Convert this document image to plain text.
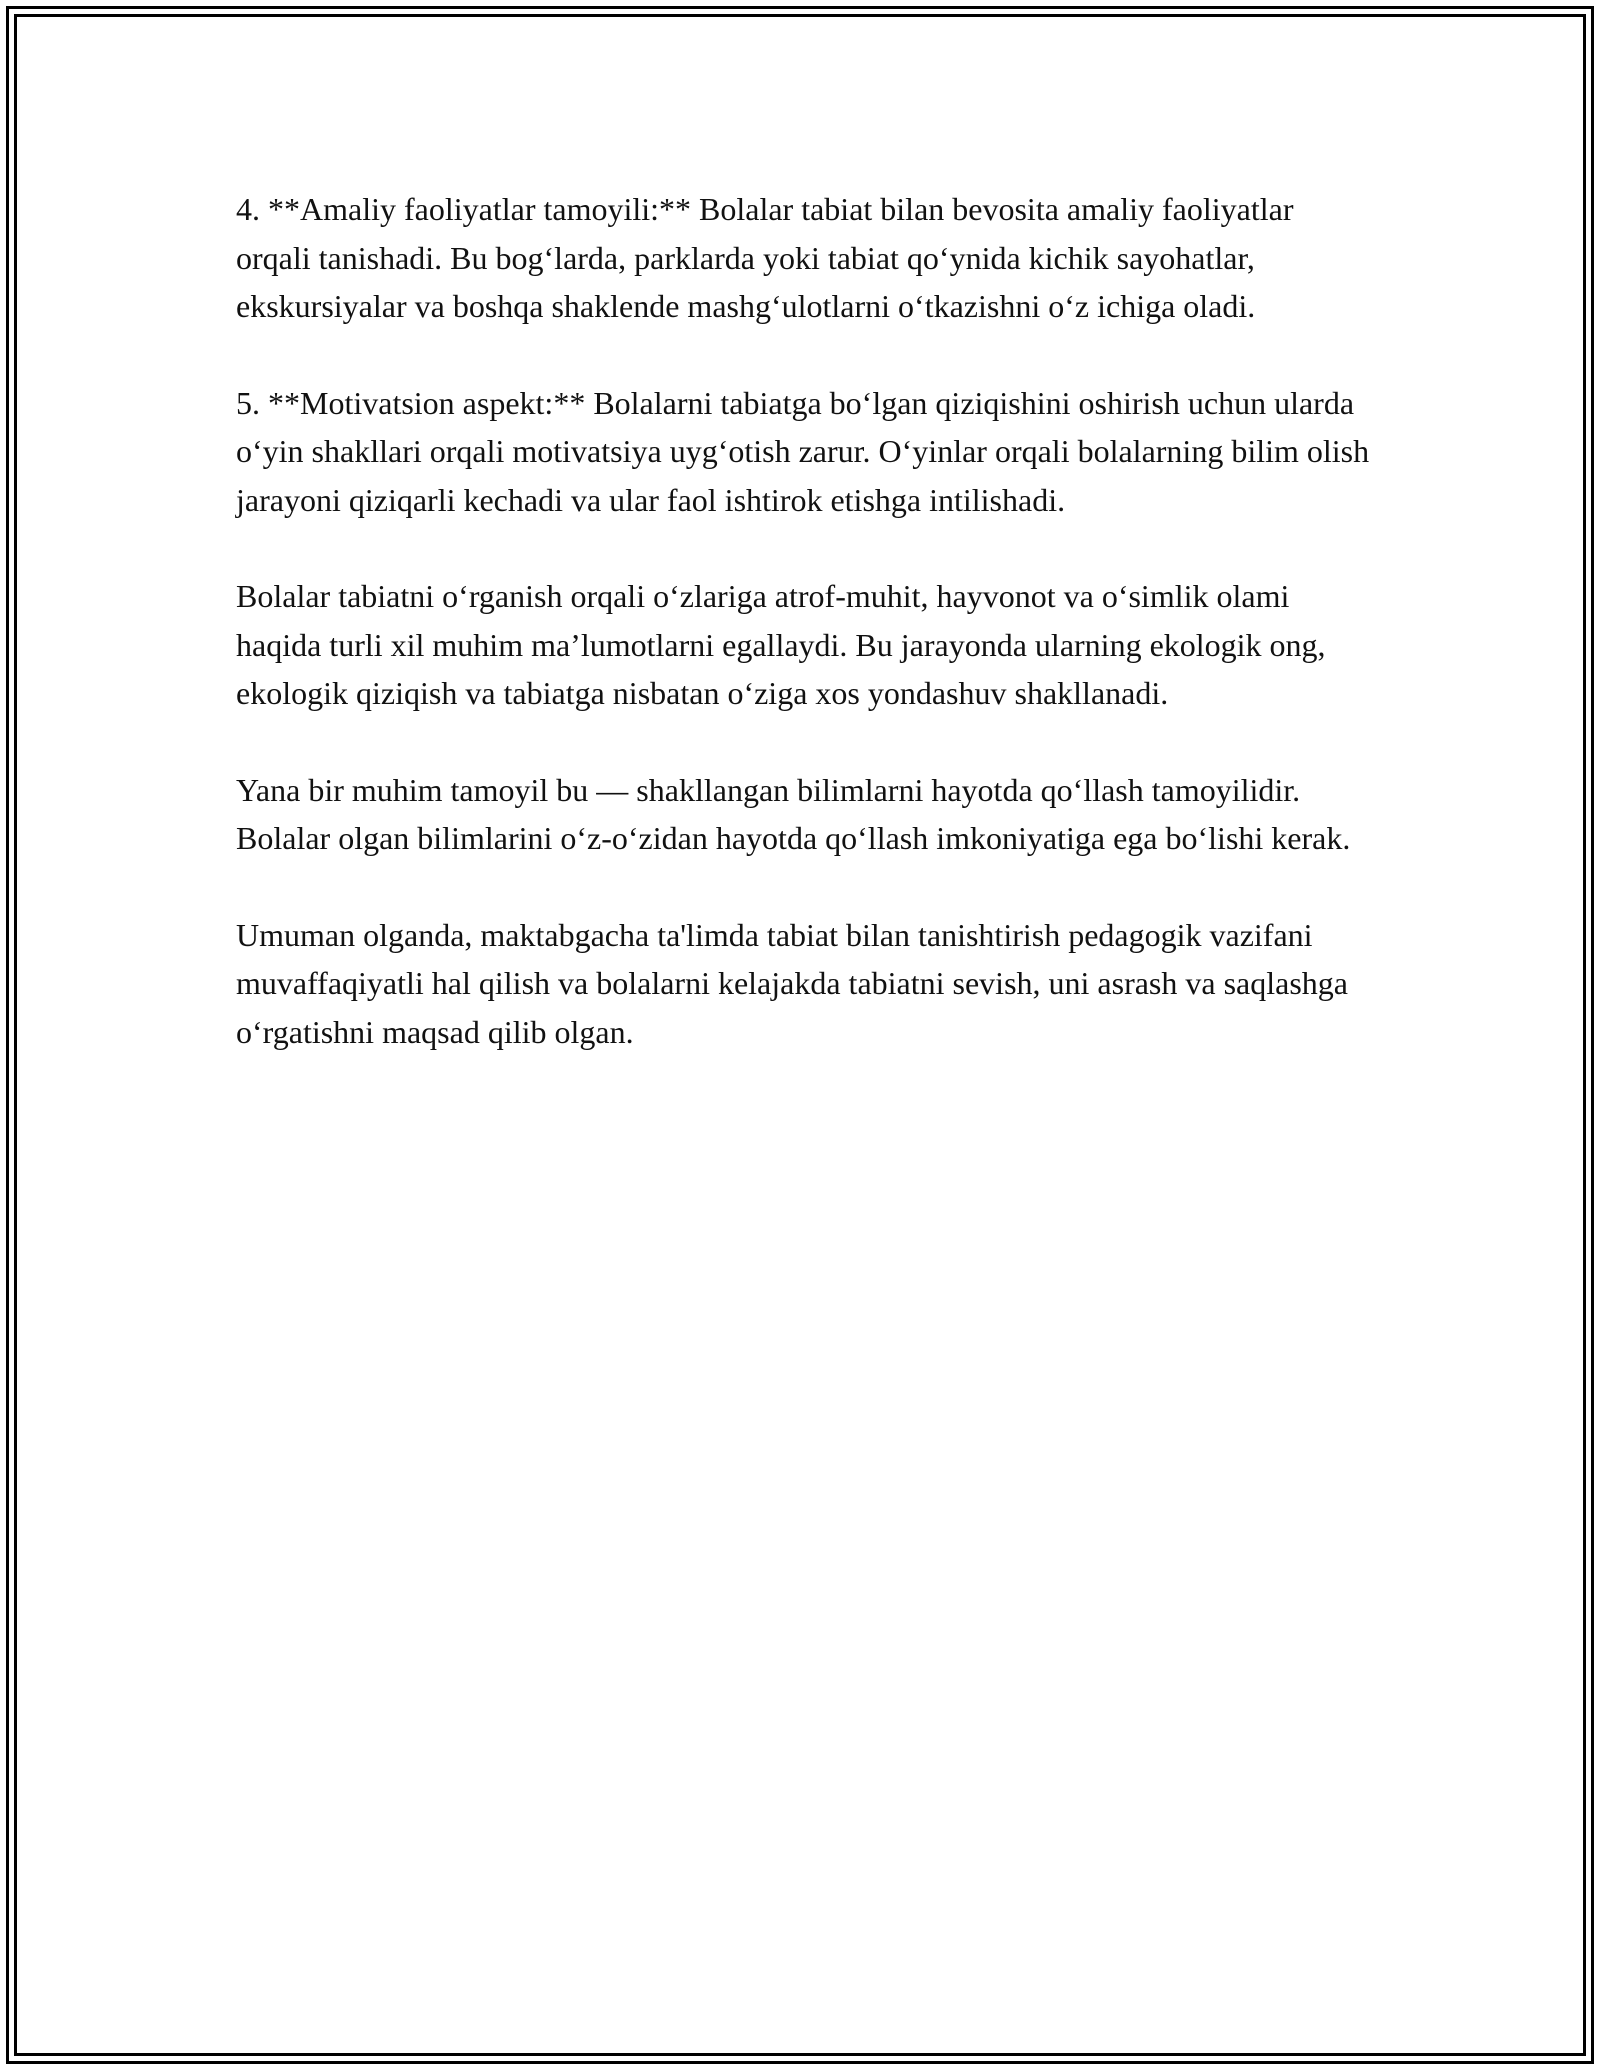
4. **Amaliy faoliyatlar tamoyili:** Bolalar tabiat bilan bevosita amaliy faoliyatlar orqali tanishadi. Bu bog‘larda, parklarda yoki tabiat qo‘ynida kichik sayohatlar, ekskursiyalar va boshqa shaklende mashg‘ulotlarni o‘tkazishni o‘z ichiga oladi.

5. **Motivatsion aspekt:** Bolalarni tabiatga bo‘lgan qiziqishini oshirish uchun ularda o‘yin shakllari orqali motivatsiya uyg‘otish zarur. O‘yinlar orqali bolalarning bilim olish jarayoni qiziqarli kechadi va ular faol ishtirok etishga intilishadi.

Bolalar tabiatni o‘rganish orqali o‘zlariga atrof-muhit, hayvonot va o‘simlik olami haqida turli xil muhim ma’lumotlarni egallaydi. Bu jarayonda ularning ekologik ong, ekologik qiziqish va tabiatga nisbatan o‘ziga xos yondashuv shakllanadi.

Yana bir muhim tamoyil bu — shakllangan bilimlarni hayotda qo‘llash tamoyilidir. Bolalar olgan bilimlarini o‘z-o‘zidan hayotda qo‘llash imkoniyatiga ega bo‘lishi kerak.

Umuman olganda, maktabgacha ta'limda tabiat bilan tanishtirish pedagogik vazifani muvaffaqiyatli hal qilish va bolalarni kelajakda tabiatni sevish, uni asrash va saqlashga o‘rgatishni maqsad qilib olgan.
